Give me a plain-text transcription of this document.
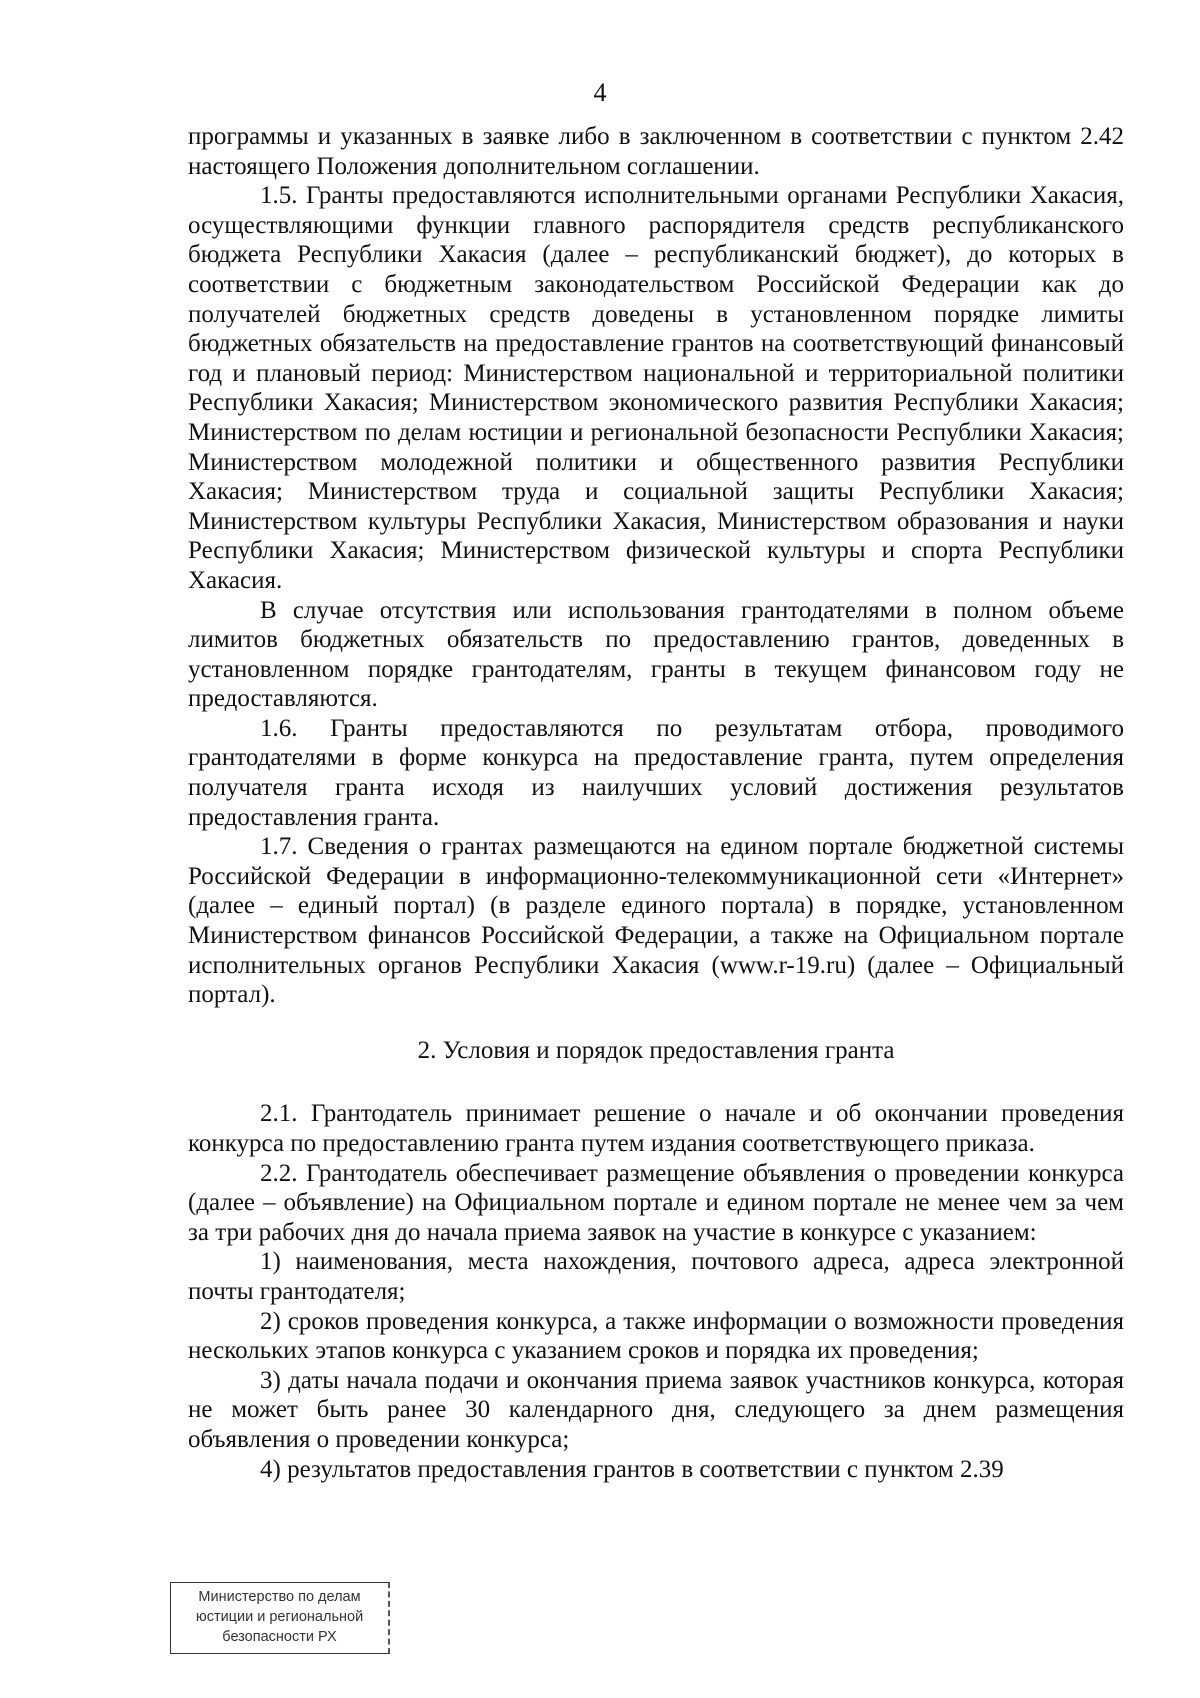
4

программы и указанных в заявке либо в заключенном в соответствии с пунктом 2.42 настоящего Положения дополнительном соглашении.

1.5. Гранты предоставляются исполнительными органами Республики Хакасия, осуществляющими функции главного распорядителя средств республиканского бюджета Республики Хакасия (далее – республиканский бюджет), до которых в соответствии с бюджетным законодательством Российской Федерации как до получателей бюджетных средств доведены в установленном порядке лимиты бюджетных обязательств на предоставление грантов на соответствующий финансовый год и плановый период: Министерством национальной и территориальной политики Республики Хакасия; Министерством экономического развития Республики Хакасия; Министерством по делам юстиции и региональной безопасности Республики Хакасия; Министерством молодежной политики и общественного развития Республики Хакасия; Министерством труда и социальной защиты Республики Хакасия; Министерством культуры Республики Хакасия, Министерством образования и науки Республики Хакасия; Министерством физической культуры и спорта Республики Хакасия.

В случае отсутствия или использования грантодателями в полном объеме лимитов бюджетных обязательств по предоставлению грантов, доведенных в установленном порядке грантодателям, гранты в текущем финансовом году не предоставляются.

1.6. Гранты предоставляются по результатам отбора, проводимого грантодателями в форме конкурса на предоставление гранта, путем определения получателя гранта исходя из наилучших условий достижения результатов предоставления гранта.

1.7. Сведения о грантах размещаются на едином портале бюджетной системы Российской Федерации в информационно-телекоммуникационной сети «Интернет» (далее – единый портал) (в разделе единого портала) в порядке, установленном Министерством финансов Российской Федерации, а также на Официальном портале исполнительных органов Республики Хакасия (www.r-19.ru) (далее – Официальный портал).

2. Условия и порядок предоставления гранта

2.1. Грантодатель принимает решение о начале и об окончании проведения конкурса по предоставлению гранта путем издания соответствующего приказа.

2.2. Грантодатель обеспечивает размещение объявления о проведении конкурса (далее – объявление) на Официальном портале и едином портале не менее чем за чем за три рабочих дня до начала приема заявок на участие в конкурсе с указанием:

1) наименования, места нахождения, почтового адреса, адреса электронной почты грантодателя;

2) сроков проведения конкурса, а также информации о возможности проведения нескольких этапов конкурса с указанием сроков и порядка их проведения;

3) даты начала подачи и окончания приема заявок участников конкурса, которая не может быть ранее 30 календарного дня, следующего за днем размещения объявления о проведении конкурса;

4) результатов предоставления грантов в соответствии с пунктом 2.39

Министерство по делам
юстиции и региональной
безопасности РХ
